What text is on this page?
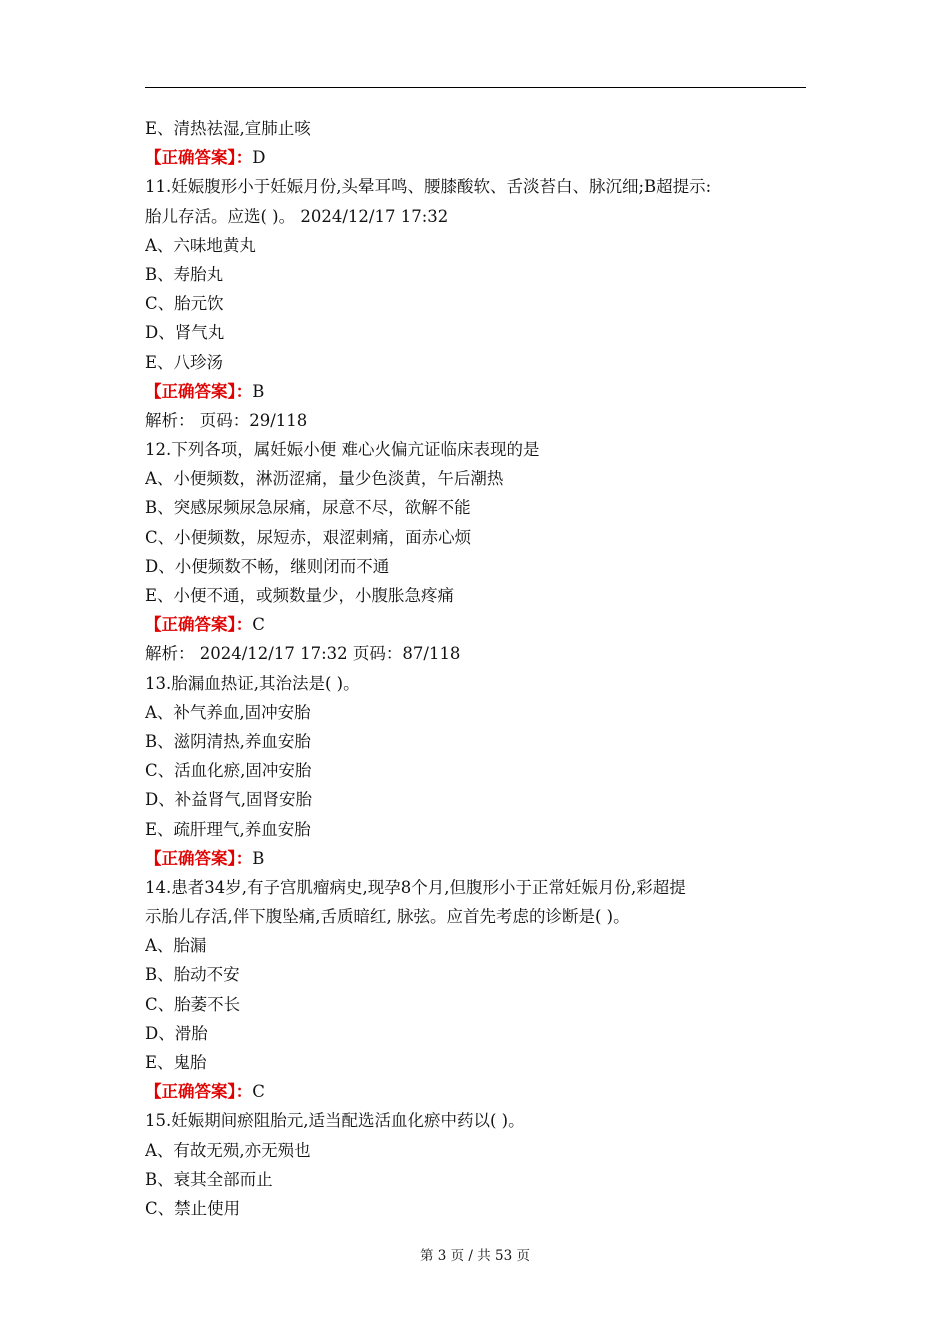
E、清热祛湿,宣肺止咳
【正确答案】：D
11.妊娠腹形小于妊娠月份,头晕耳鸣、腰膝酸软、舌淡苔白、脉沉细;B超提示:
胎儿存活。应选( )。 2024/12/17 17:32
A、六味地黄丸
B、寿胎丸
C、胎元饮
D、肾气丸
E、八珍汤
【正确答案】：B
解析： 页码：29/118
12.下列各项，属妊娠小便 难心火偏亢证临床表现的是
A、小便频数，淋沥涩痛，量少色淡黄，午后潮热
B、突感尿频尿急尿痛，尿意不尽，欲解不能
C、小便频数，尿短赤，艰涩刺痛，面赤心烦
D、小便频数不畅，继则闭而不通
E、小便不通，或频数量少，小腹胀急疼痛
【正确答案】：C
解析： 2024/12/17 17:32 页码：87/118
13.胎漏血热证,其治法是( )。
A、补气养血,固冲安胎
B、滋阴清热,养血安胎
C、活血化瘀,固冲安胎
D、补益肾气,固肾安胎
E、疏肝理气,养血安胎
【正确答案】：B
14.患者34岁,有子宫肌瘤病史,现孕8个月,但腹形小于正常妊娠月份,彩超提
示胎儿存活,伴下腹坠痛,舌质暗红, 脉弦。应首先考虑的诊断是( )。
A、胎漏
B、胎动不安
C、胎萎不长
D、滑胎
E、鬼胎
【正确答案】：C
15.妊娠期间瘀阻胎元,适当配选活血化瘀中药以( )。
A、有故无殒,亦无殒也
B、衰其全部而止
C、禁止使用
第 3 页 / 共 53 页
